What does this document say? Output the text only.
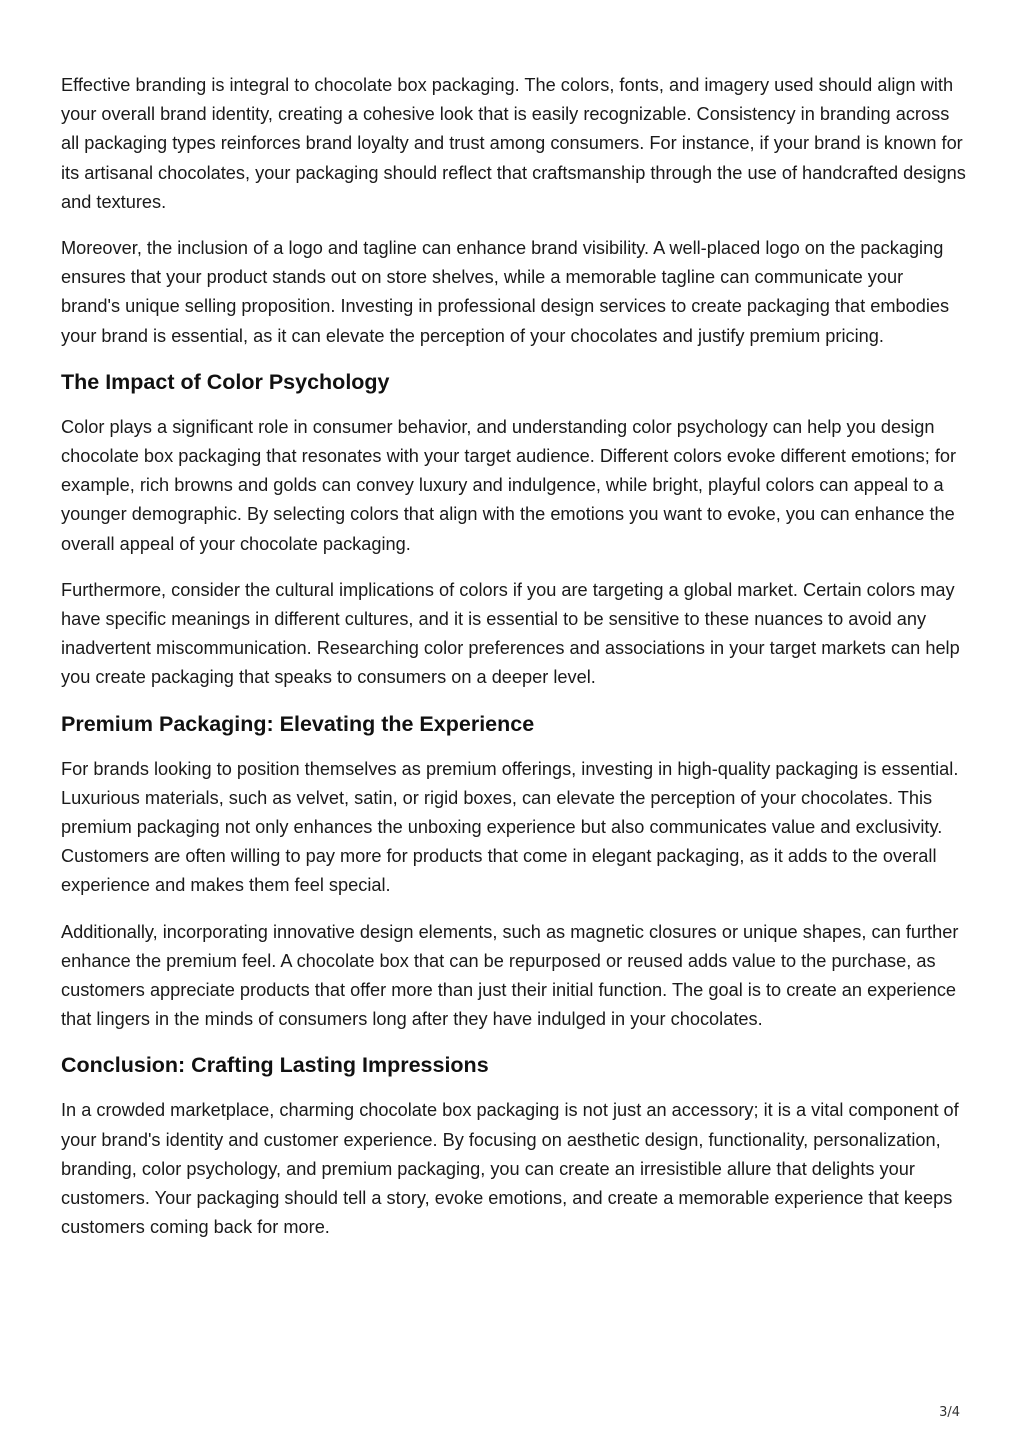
Effective branding is integral to chocolate box packaging. The colors, fonts, and imagery used should align with your overall brand identity, creating a cohesive look that is easily recognizable. Consistency in branding across all packaging types reinforces brand loyalty and trust among consumers. For instance, if your brand is known for its artisanal chocolates, your packaging should reflect that craftsmanship through the use of handcrafted designs and textures.

Moreover, the inclusion of a logo and tagline can enhance brand visibility. A well-placed logo on the packaging ensures that your product stands out on store shelves, while a memorable tagline can communicate your brand's unique selling proposition. Investing in professional design services to create packaging that embodies your brand is essential, as it can elevate the perception of your chocolates and justify premium pricing.

The Impact of Color Psychology

Color plays a significant role in consumer behavior, and understanding color psychology can help you design chocolate box packaging that resonates with your target audience. Different colors evoke different emotions; for example, rich browns and golds can convey luxury and indulgence, while bright, playful colors can appeal to a younger demographic. By selecting colors that align with the emotions you want to evoke, you can enhance the overall appeal of your chocolate packaging.

Furthermore, consider the cultural implications of colors if you are targeting a global market. Certain colors may have specific meanings in different cultures, and it is essential to be sensitive to these nuances to avoid any inadvertent miscommunication. Researching color preferences and associations in your target markets can help you create packaging that speaks to consumers on a deeper level.

Premium Packaging: Elevating the Experience

For brands looking to position themselves as premium offerings, investing in high-quality packaging is essential. Luxurious materials, such as velvet, satin, or rigid boxes, can elevate the perception of your chocolates. This premium packaging not only enhances the unboxing experience but also communicates value and exclusivity. Customers are often willing to pay more for products that come in elegant packaging, as it adds to the overall experience and makes them feel special.

Additionally, incorporating innovative design elements, such as magnetic closures or unique shapes, can further enhance the premium feel. A chocolate box that can be repurposed or reused adds value to the purchase, as customers appreciate products that offer more than just their initial function. The goal is to create an experience that lingers in the minds of consumers long after they have indulged in your chocolates.

Conclusion: Crafting Lasting Impressions

In a crowded marketplace, charming chocolate box packaging is not just an accessory; it is a vital component of your brand's identity and customer experience. By focusing on aesthetic design, functionality, personalization, branding, color psychology, and premium packaging, you can create an irresistible allure that delights your customers. Your packaging should tell a story, evoke emotions, and create a memorable experience that keeps customers coming back for more.

3/4
